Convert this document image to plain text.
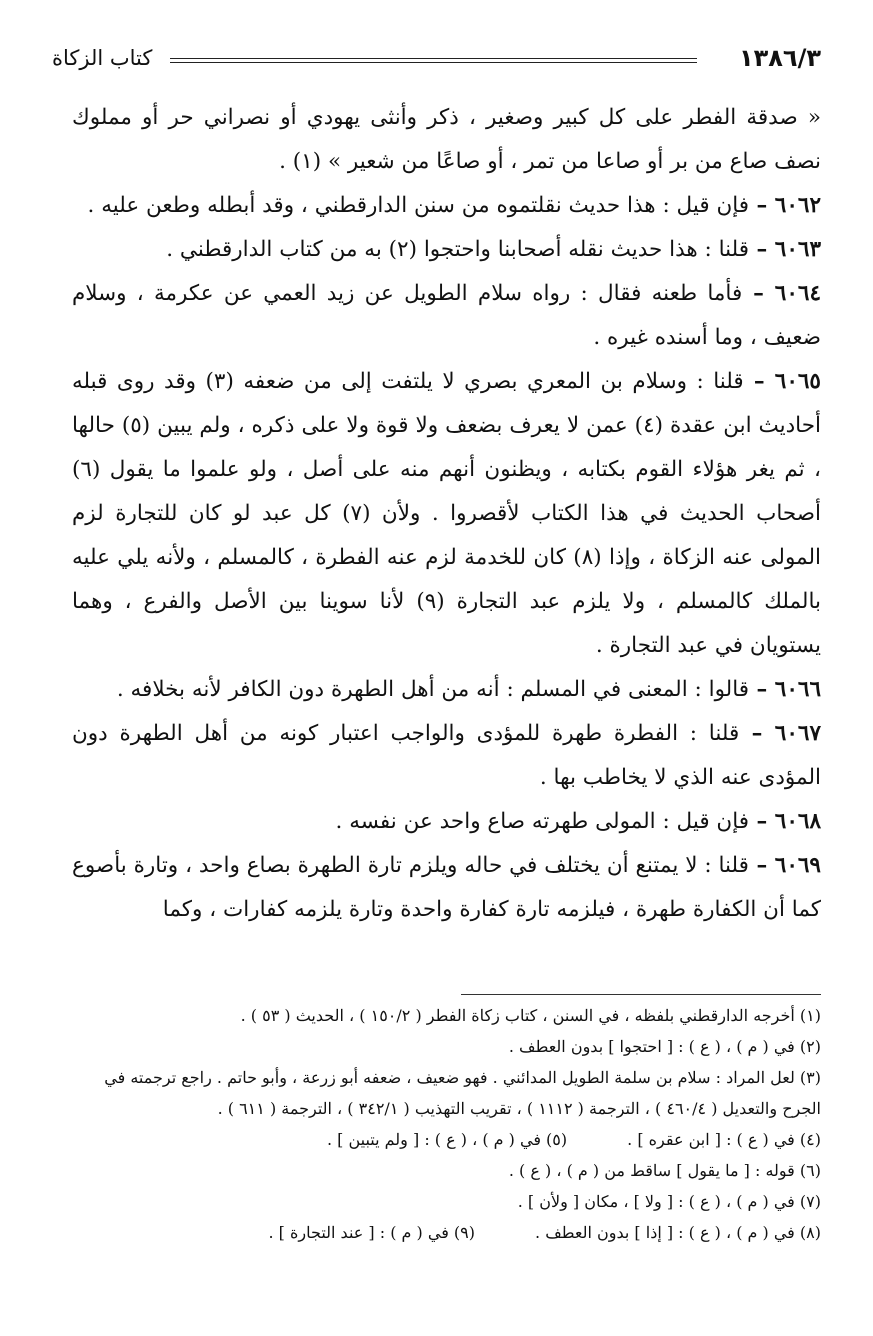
١٣٨٦/٣
كتاب الزكاة

« صدقة الفطر على كل كبير وصغير ، ذكر وأنثى يهودي أو نصراني حر أو مملوك نصف صاع من بر أو صاعا من تمر ، أو صاعًا من شعير » (١) .

٦٠٦٢ – فإن قيل : هذا حديث نقلتموه من سنن الدارقطني ، وقد أبطله وطعن عليه .

٦٠٦٣ – قلنا : هذا حديث نقله أصحابنا واحتجوا (٢) به من كتاب الدارقطني .

٦٠٦٤ – فأما طعنه فقال : رواه سلام الطويل عن زيد العمي عن عكرمة ، وسلام ضعيف ، وما أسنده غيره .

٦٠٦٥ – قلنا : وسلام بن المعري بصري لا يلتفت إلى من ضعفه (٣) وقد روى قبله أحاديث ابن عقدة (٤) عمن لا يعرف بضعف ولا قوة ولا على ذكره ، ولم يبين (٥) حالها ، ثم يغر هؤلاء القوم بكتابه ، ويظنون أنهم منه على أصل ، ولو علموا ما يقول (٦) أصحاب الحديث في هذا الكتاب لأقصروا . ولأن (٧) كل عبد لو كان للتجارة لزم المولى عنه الزكاة ، وإذا (٨) كان للخدمة لزم عنه الفطرة ، كالمسلم ، ولأنه يلي عليه بالملك كالمسلم ، ولا يلزم عبد التجارة (٩) لأنا سوينا بين الأصل والفرع ، وهما يستويان في عبد التجارة .

٦٠٦٦ – قالوا : المعنى في المسلم : أنه من أهل الطهرة دون الكافر لأنه بخلافه .

٦٠٦٧ – قلنا : الفطرة طهرة للمؤدى والواجب اعتبار كونه من أهل الطهرة دون المؤدى عنه الذي لا يخاطب بها .

٦٠٦٨ – فإن قيل : المولى طهرته صاع واحد عن نفسه .

٦٠٦٩ – قلنا : لا يمتنع أن يختلف في حاله ويلزم تارة الطهرة بصاع واحد ، وتارة بأصوع كما أن الكفارة طهرة ، فيلزمه تارة كفارة واحدة وتارة يلزمه كفارات ، وكما

(١) أخرجه الدارقطني بلفظه ، في السنن ، كتاب زكاة الفطر ( ١٥٠/٢ ) ، الحديث ( ٥٣ ) .

(٢) في ( م ) ، ( ع ) : [ احتجوا ] بدون العطف .

(٣) لعل المراد : سلام بن سلمة الطويل المدائني . فهو ضعيف ، ضعفه أبو زرعة ، وأبو حاتم . راجع ترجمته في الجرح والتعديل ( ٤٦٠/٤ ) ، الترجمة ( ١١١٢ ) ، تقريب التهذيب ( ٣٤٢/١ ) ، الترجمة ( ٦١١ ) .

(٤) في ( ع ) : [ ابن عقره ] .

(٥) في ( م ) ، ( ع ) : [ ولم يتبين ] .

(٦) قوله : [ ما يقول ] ساقط من ( م ) ، ( ع ) .

(٧) في ( م ) ، ( ع ) : [ ولا ] ، مكان [ ولأن ] .

(٨) في ( م ) ، ( ع ) : [ إذا ] بدون العطف .

(٩) في ( م ) : [ عند التجارة ] .
